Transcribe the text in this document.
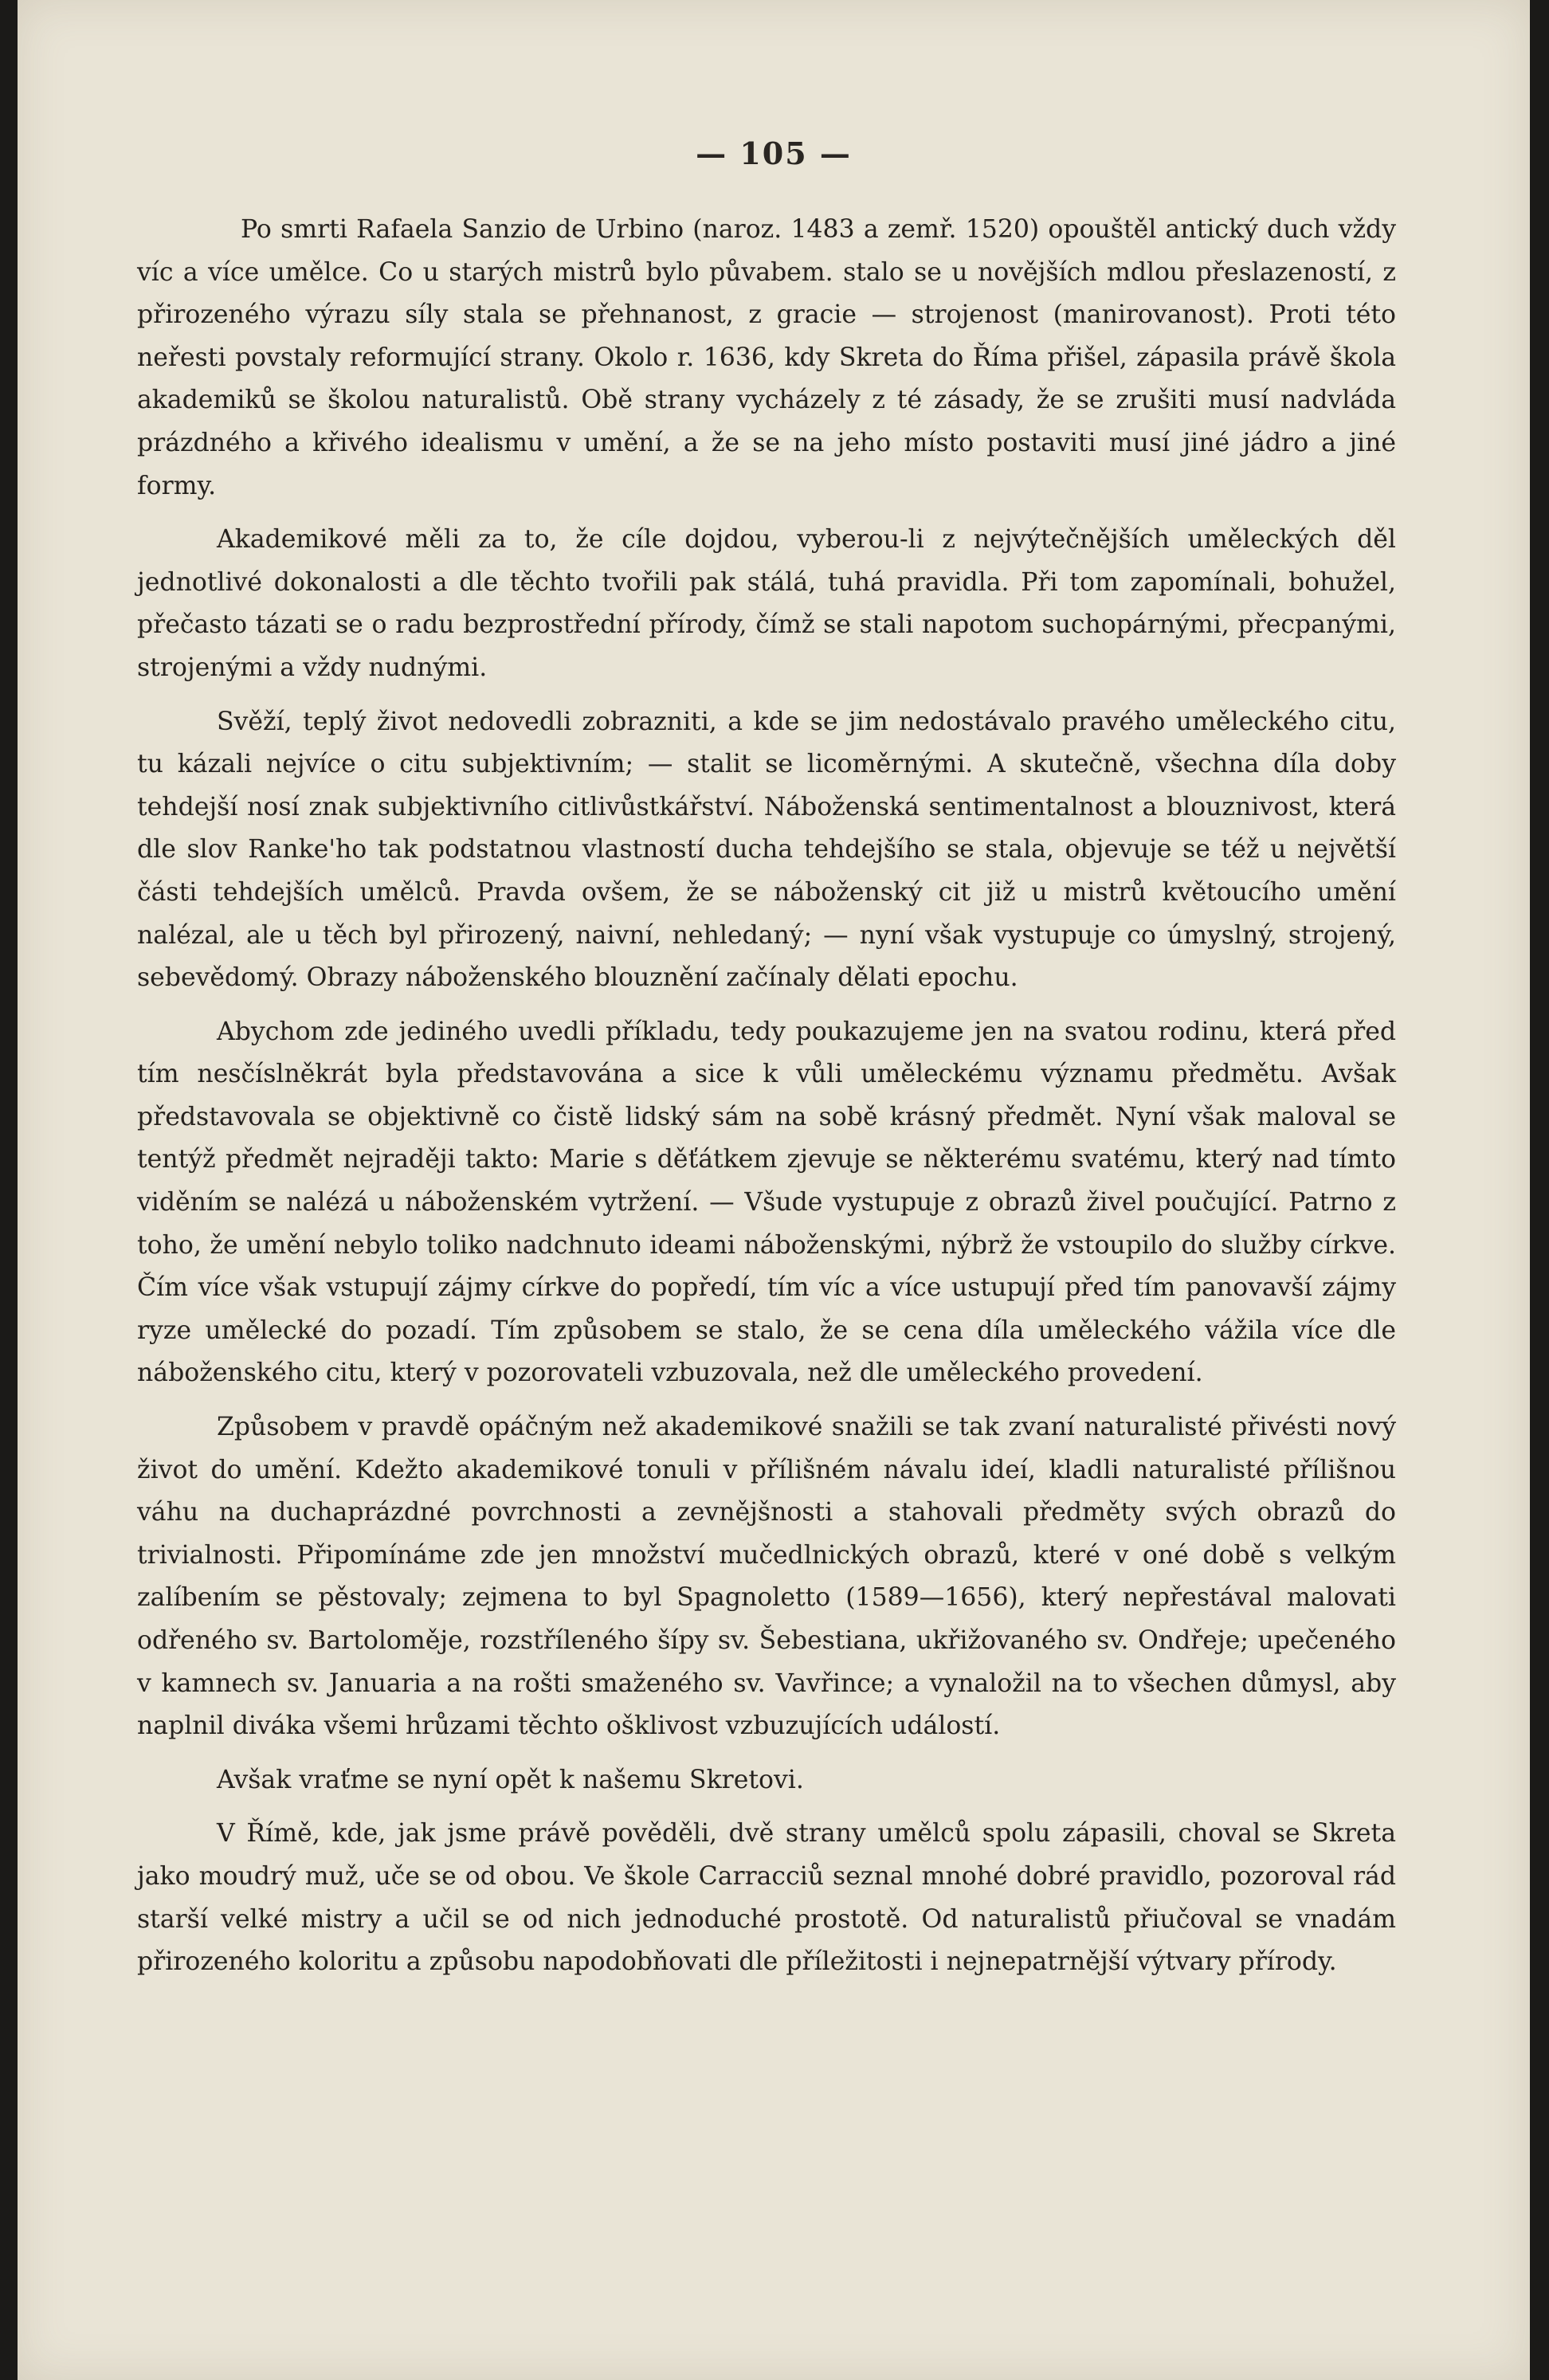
— 105 —

Po smrti Rafaela Sanzio de Urbino (naroz. 1483 a zemř. 1520) opouštěl antický duch vždy víc a více umělce. Co u starých mistrů bylo půvabem. stalo se u novějších mdlou přeslazeností, z přirozeného výrazu síly stala se přehnanost, z gracie — strojenost (manirovanost). Proti této neřesti povstaly reformující strany. Okolo r. 1636, kdy Skreta do Říma přišel, zápasila právě škola akademiků se školou naturalistů. Obě strany vycházely z té zásady, že se zrušiti musí nadvláda prázdného a křivého idealismu v umění, a že se na jeho místo postaviti musí jiné jádro a jiné formy.

Akademikové měli za to, že cíle dojdou, vyberou-li z nejvýtečnějších uměleckých děl jednotlivé dokonalosti a dle těchto tvořili pak stálá, tuhá pravidla. Při tom zapomínali, bohužel, přečasto tázati se o radu bezprostřední přírody, čímž se stali napotom suchopárnými, přecpanými, strojenými a vždy nudnými.

Svěží, teplý život nedovedli zobrazniti, a kde se jim nedostávalo pravého uměleckého citu, tu kázali nejvíce o citu subjektivním; — stalit se licoměrnými. A skutečně, všechna díla doby tehdejší nosí znak subjektivního citlivůstkářství. Náboženská sentimentalnost a blouznivost, která dle slov Ranke'ho tak podstatnou vlastností ducha tehdejšího se stala, objevuje se též u největší části tehdejších umělců. Pravda ovšem, že se náboženský cit již u mistrů květoucího umění nalézal, ale u těch byl přirozený, naivní, nehledaný; — nyní však vystupuje co úmyslný, strojený, sebevědomý. Obrazy náboženského blouznění začínaly dělati epochu.

Abychom zde jediného uvedli příkladu, tedy poukazujeme jen na svatou rodinu, která před tím nesčíslněkrát byla představována a sice k vůli uměleckému významu předmětu. Avšak představovala se objektivně co čistě lidský sám na sobě krásný předmět. Nyní však maloval se tentýž předmět nejraději takto: Marie s děťátkem zjevuje se některému svatému, který nad tímto viděním se nalézá u náboženském vytržení. — Všude vystupuje z obrazů živel poučující. Patrno z toho, že umění nebylo toliko nadchnuto ideami náboženskými, nýbrž že vstoupilo do služby církve. Čím více však vstupují zájmy církve do popředí, tím víc a více ustupují před tím panovavší zájmy ryze umělecké do pozadí. Tím způsobem se stalo, že se cena díla uměleckého vážila více dle náboženského citu, který v pozorovateli vzbuzovala, než dle uměleckého provedení.

Způsobem v pravdě opáčným než akademikové snažili se tak zvaní naturalisté přivésti nový život do umění. Kdežto akademikové tonuli v přílišném návalu ideí, kladli naturalisté přílišnou váhu na duchaprázdné povrchnosti a zevnějšnosti a stahovali předměty svých obrazů do trivialnosti. Připomínáme zde jen množství mučedlnických obrazů, které v oné době s velkým zalíbením se pěstovaly; zejmena to byl Spagnoletto (1589—1656), který nepřestával malovati odřeného sv. Bartoloměje, rozstříleného šípy sv. Šebestiana, ukřižovaného sv. Ondřeje; upečeného v kamnech sv. Januaria a na rošti smaženého sv. Vavřince; a vynaložil na to všechen důmysl, aby naplnil diváka všemi hrůzami těchto ošklivost vzbuzujících událostí.

Avšak vraťme se nyní opět k našemu Skretovi.

V Římě, kde, jak jsme právě pověděli, dvě strany umělců spolu zápasili, choval se Skreta jako moudrý muž, uče se od obou. Ve škole Carracciů seznal mnohé dobré pravidlo, pozoroval rád starší velké mistry a učil se od nich jednoduché prostotě. Od naturalistů přiučoval se vnadám přirozeného koloritu a způsobu napodobňovati dle příležitosti i nejnepatrnější výtvary přírody.
